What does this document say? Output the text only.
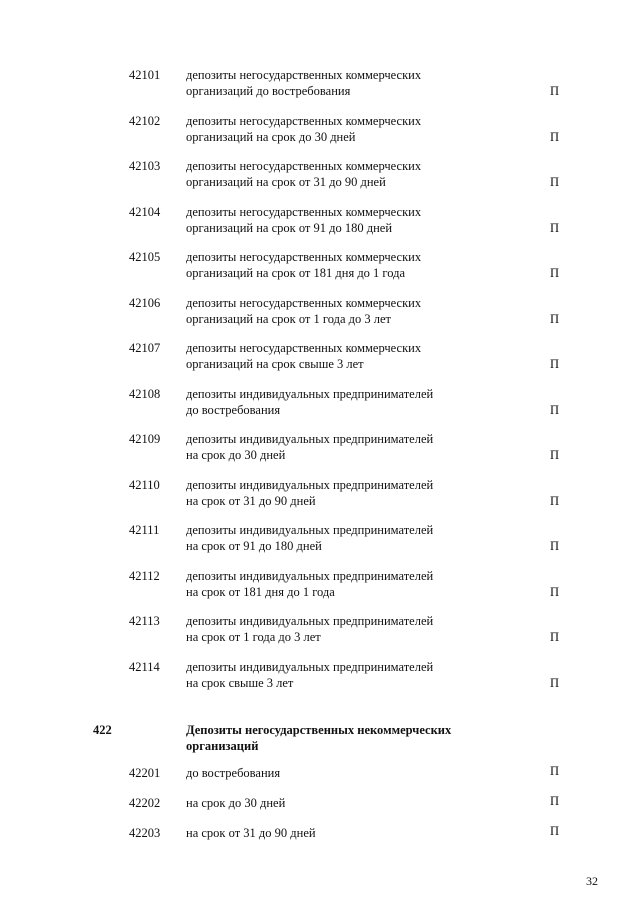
42101 депозиты негосударственных коммерческих
организаций до востребования	П
42102 депозиты негосударственных коммерческих
организаций на срок до 30 дней	П
42103 депозиты негосударственных коммерческих
организаций на срок от 31 до 90 дней	П
42104 депозиты негосударственных коммерческих
организаций на срок от 91 до 180 дней	П
42105 депозиты негосударственных коммерческих
организаций на срок от 181 дня до 1 года	П
42106 депозиты негосударственных коммерческих
организаций на срок от 1 года до 3 лет	П
42107 депозиты негосударственных коммерческих
организаций на срок свыше 3 лет	П
42108 депозиты индивидуальных предпринимателей
до востребования	П
42109 депозиты индивидуальных предпринимателей
на срок до 30 дней	П
42110 депозиты индивидуальных предпринимателей
на срок от 31 до 90 дней	П
42111 депозиты индивидуальных предпринимателей
на срок от 91 до 180 дней	П
42112 депозиты индивидуальных предпринимателей
на срок от 181 дня до 1 года	П
42113 депозиты индивидуальных предпринимателей
на срок от 1 года до 3 лет	П
42114 депозиты индивидуальных предпринимателей
на срок свыше 3 лет	П
422	Депозиты негосударственных некоммерческих
организаций
42201 до востребования	П
42202 на срок до 30 дней	П
42203 на срок от 31 до 90 дней	П
32
